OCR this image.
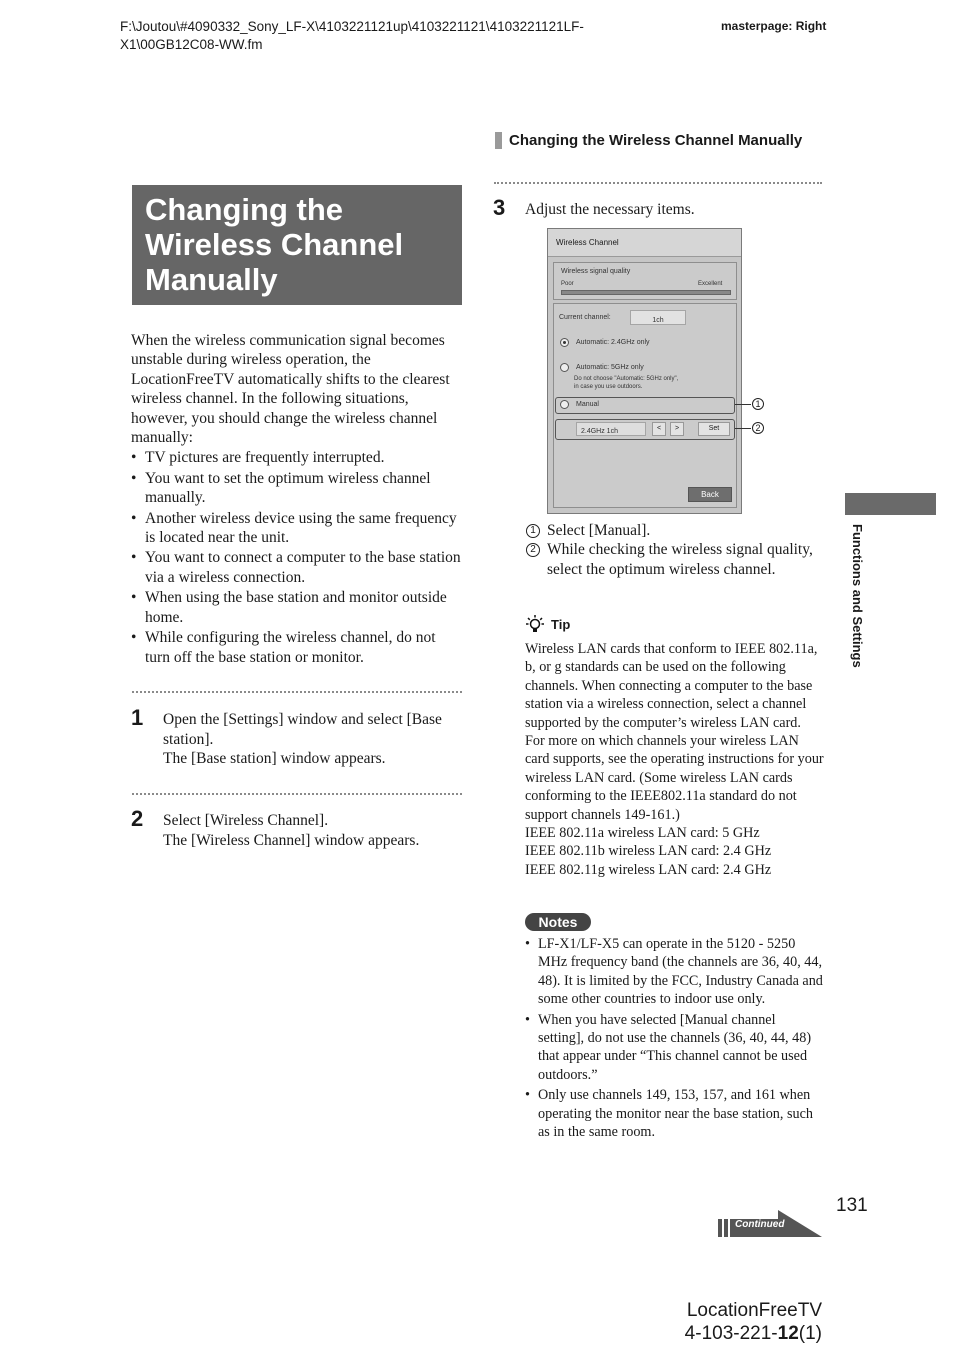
F:\Joutou\#4090332_Sony_LF-X\4103221121up\4103221121\4103221121LF-X1\00GB12C08-WW.fm
masterpage: Right
Changing the Wireless Channel Manually
Changing the
Wireless Channel
Manually

When the wireless communication signal becomes unstable during wireless operation, the LocationFreeTV automatically shifts to the clearest wireless channel. In the following situations, however, you should change the wireless channel manually:

• TV pictures are frequently interrupted.
• You want to set the optimum wireless channel manually.
• Another wireless device using the same frequency is located near the unit.
• You want to connect a computer to the base station via a wireless connection.
• When using the base station and monitor outside home.
• While configuring the wireless channel, do not turn off the base station or monitor.
1 Open the [Settings] window and select [Base station].
The [Base station] window appears.
2 Select [Wireless Channel].
The [Wireless Channel] window appears.
3 Adjust the necessary items.
Wireless Channel
Wireless signal quality
Poor	Excellent
Current channel:	1ch
Automatic: 2.4GHz only
Automatic: 5GHz only
Do not choose "Automatic: 5GHz only",
in case you use outdoors.
Manual
2.4GHz 1ch	<	>	Set
Back
1
2
1 Select [Manual].
2 While checking the wireless signal quality, select the optimum wireless channel.
Tip

Wireless LAN cards that conform to IEEE 802.11a, b, or g standards can be used on the following channels. When connecting a computer to the base station via a wireless connection, select a channel supported by the computer’s wireless LAN card.

For more on which channels your wireless LAN card supports, see the operating instructions for your wireless LAN card. (Some wireless LAN cards conforming to the IEEE802.11a standard do not support channels 149-161.)

IEEE 802.11a wireless LAN card: 5 GHz

IEEE 802.11b wireless LAN card: 2.4 GHz

IEEE 802.11g wireless LAN card: 2.4 GHz

Notes
• LF-X1/LF-X5 can operate in the 5120 - 5250 MHz frequency band (the channels are 36, 40, 44, 48). It is limited by the FCC, Industry Canada and some other countries to indoor use only.
• When you have selected [Manual channel setting], do not use the channels (36, 40, 44, 48) that appear under “This channel cannot be used outdoors.”
• Only use channels 149, 153, 157, and 161 when operating the monitor near the base station, such as in the same room.
Functions and Settings
131
Continued
LocationFreeTV
4-103-221-12(1)
